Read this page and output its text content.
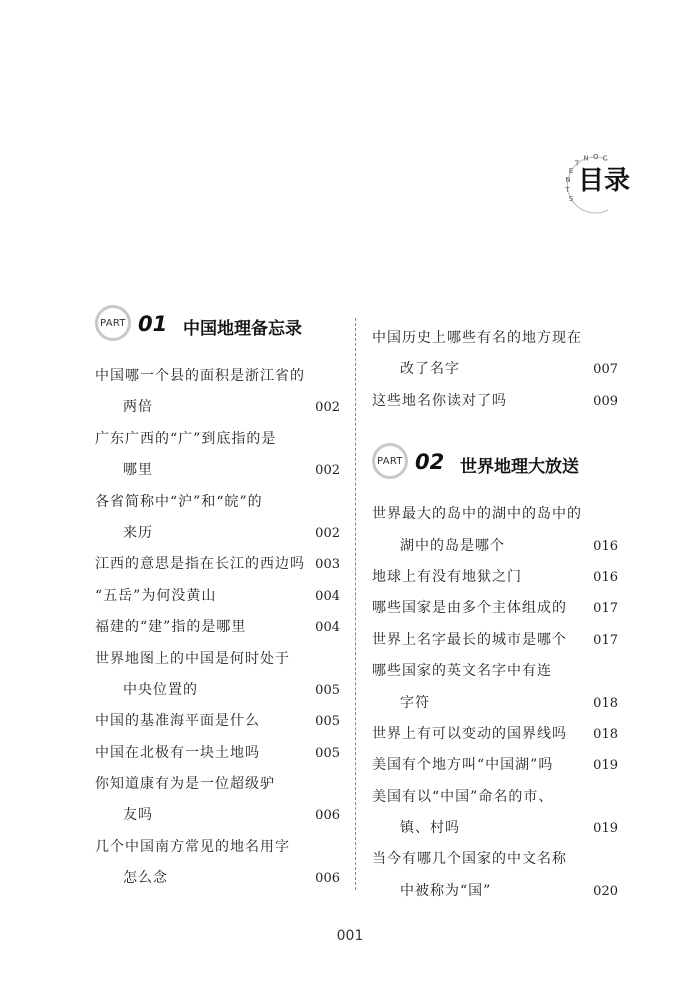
CON T E N TS
目录
PART 01 中国地理备忘录
中国哪一个县的面积是浙江省的
两倍	002
广东广西的“广”到底指的是
哪里	002
各省简称中“沪”和“皖”的
来历	002
江西的意思是指在长江的西边吗 003
“五岳”为何没黄山	004
福建的“建”指的是哪里	004
世界地图上的中国是何时处于
中央位置的	005
中国的基准海平面是什么	005
中国在北极有一块土地吗	005
你知道康有为是一位超级驴
友吗	006
几个中国南方常见的地名用字
怎么念	006
中国历史上哪些有名的地方现在
改了名字	007
这些地名你读对了吗	009
PART 02 世界地理大放送
世界最大的岛中的湖中的岛中的
湖中的岛是哪个	016
地球上有没有地狱之门	016
哪些国家是由多个主体组成的 017
世界上名字最长的城市是哪个 017
哪些国家的英文名字中有连
字符	018
世界上有可以变动的国界线吗 018
美国有个地方叫“中国湖”吗	019
美国有以“中国”命名的市、
镇、村吗	019
当今有哪几个国家的中文名称
中被称为“国”	020
001
